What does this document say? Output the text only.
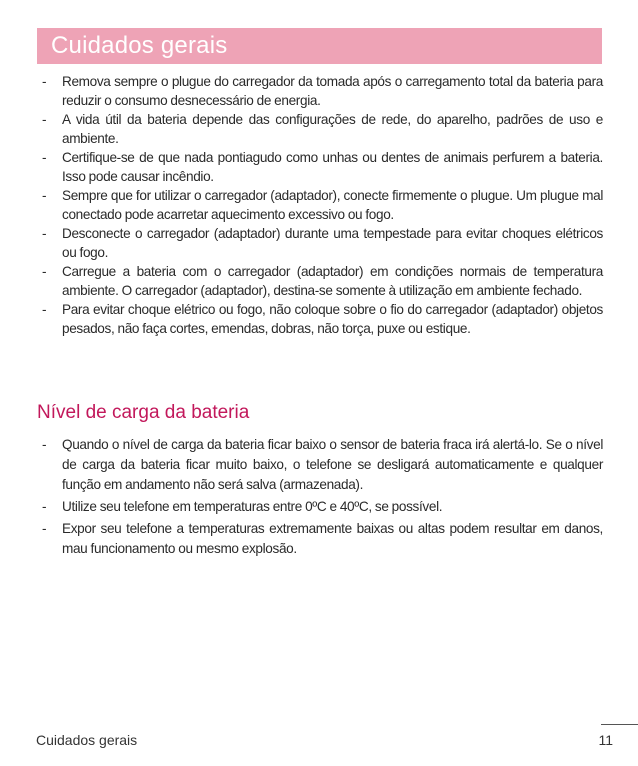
Cuidados gerais
- Remova sempre o plugue do carregador da tomada após o carregamento total da bateria para reduzir o consumo desnecessário de energia.
- A vida útil da bateria depende das configurações de rede, do aparelho, padrões de uso e ambiente.
- Certifique-se de que nada pontiagudo como unhas ou dentes de animais perfurem a bateria. Isso pode causar incêndio.
- Sempre que for utilizar o carregador (adaptador), conecte firmemente o plugue. Um plugue mal conectado pode acarretar aquecimento excessivo ou fogo.
- Desconecte o carregador (adaptador) durante uma tempestade para evitar choques elétricos ou fogo.
- Carregue a bateria com o carregador (adaptador) em condições normais de temperatura ambiente. O carregador (adaptador), destina-se somente à utilização em ambiente fechado.
- Para evitar choque elétrico ou fogo, não coloque sobre o fio do carregador (adaptador) objetos pesados, não faça cortes, emendas, dobras, não torça, puxe ou estique.
Nível de carga da bateria
- Quando o nível de carga da bateria ficar baixo o sensor de bateria fraca irá alertá-lo. Se o nível de carga da bateria ficar muito baixo, o telefone se desligará automaticamente e qualquer função em andamento não será salva (armazenada).
- Utilize seu telefone em temperaturas entre 0ºC e 40ºC, se possível.
- Expor seu telefone a temperaturas extremamente baixas ou altas podem resultar em danos, mau funcionamento ou mesmo explosão.
Cuidados gerais	11
